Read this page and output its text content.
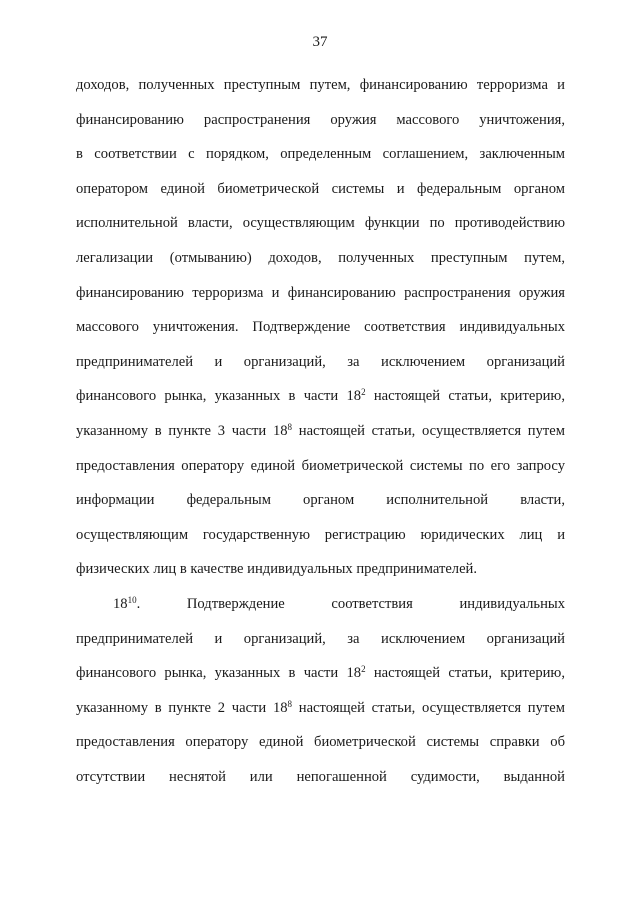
37
доходов, полученных преступным путем, финансированию терроризма и
финансированию распространения оружия массового уничтожения,
в соответствии с порядком, определенным соглашением, заключенным
оператором единой биометрической системы и федеральным органом
исполнительной власти, осуществляющим функции по противодействию
легализации (отмыванию) доходов, полученных преступным путем,
финансированию терроризма и финансированию распространения оружия
массового уничтожения. Подтверждение соответствия индивидуальных
предпринимателей и организаций, за исключением организаций
финансового рынка, указанных в части $18^2$ настоящей статьи, критерию,
указанному в пункте 3 части $18^8$ настоящей статьи, осуществляется путем
предоставления оператору единой биометрической системы по его запросу
информации федеральным органом исполнительной власти,
осуществляющим государственную регистрацию юридических лиц и
физических лиц в качестве индивидуальных предпринимателей.
$18^{10}$. Подтверждение соответствия индивидуальных
предпринимателей и организаций, за исключением организаций
финансового рынка, указанных в части $18^2$ настоящей статьи, критерию,
указанному в пункте 2 части $18^8$ настоящей статьи, осуществляется путем
предоставления оператору единой биометрической системы справки об
отсутствии неснятой или непогашенной судимости, выданной
